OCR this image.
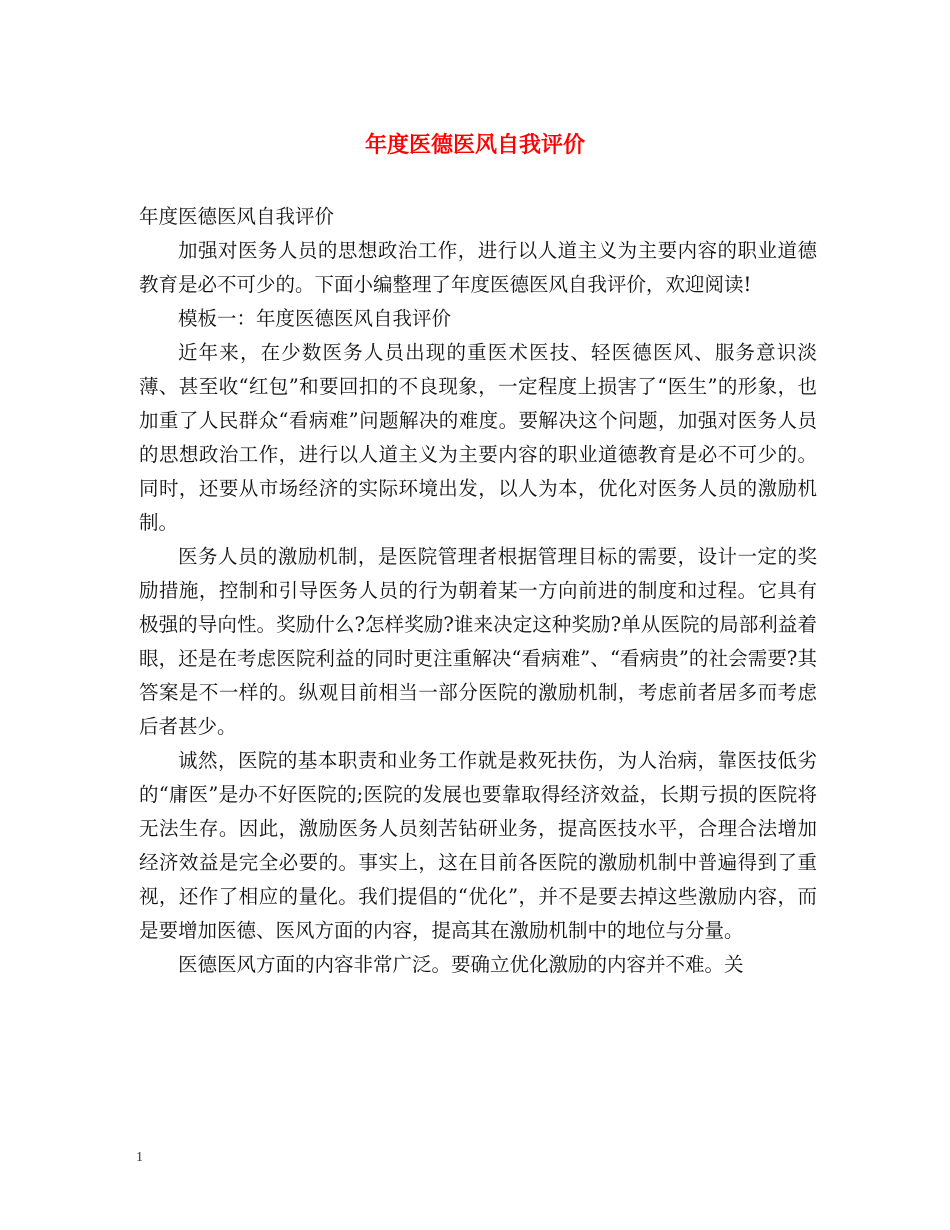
年度医德医风自我评价

年度医德医风自我评价

加强对医务人员的思想政治工作，进行以人道主义为主要内容的职业道德教育是必不可少的。下面小编整理了年度医德医风自我评价，欢迎阅读!

模板一：年度医德医风自我评价

近年来，在少数医务人员出现的重医术医技、轻医德医风、服务意识淡薄、甚至收“红包”和要回扣的不良现象，一定程度上损害了“医生”的形象，也加重了人民群众“看病难”问题解决的难度。要解决这个问题，加强对医务人员的思想政治工作，进行以人道主义为主要内容的职业道德教育是必不可少的。同时，还要从市场经济的实际环境出发，以人为本，优化对医务人员的激励机制。

医务人员的激励机制，是医院管理者根据管理目标的需要，设计一定的奖励措施，控制和引导医务人员的行为朝着某一方向前进的制度和过程。它具有极强的导向性。奖励什么?怎样奖励?谁来决定这种奖励?单从医院的局部利益着眼，还是在考虑医院利益的同时更注重解决“看病难”、“看病贵”的社会需要?其答案是不一样的。纵观目前相当一部分医院的激励机制，考虑前者居多而考虑后者甚少。

诚然，医院的基本职责和业务工作就是救死扶伤，为人治病，靠医技低劣的“庸医”是办不好医院的;医院的发展也要靠取得经济效益，长期亏损的医院将无法生存。因此，激励医务人员刻苦钻研业务，提高医技水平，合理合法增加经济效益是完全必要的。事实上，这在目前各医院的激励机制中普遍得到了重视，还作了相应的量化。我们提倡的“优化”，并不是要去掉这些激励内容，而是要增加医德、医风方面的内容，提高其在激励机制中的地位与分量。

医德医风方面的内容非常广泛。要确立优化激励的内容并不难。关

1
